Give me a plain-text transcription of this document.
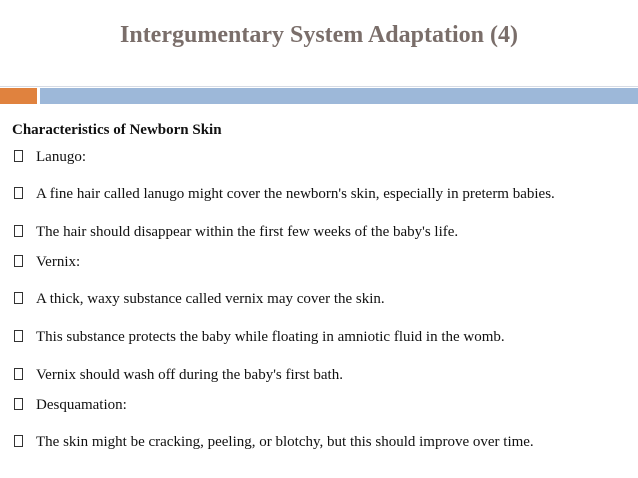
Intergumentary System Adaptation (4)
Characteristics of Newborn Skin
Lanugo:
A fine hair called lanugo might cover the newborn's skin, especially in preterm babies.
The hair should disappear within the first few weeks of the baby's life.
Vernix:
A thick, waxy substance called vernix may cover the skin.
This substance protects the baby while floating in amniotic fluid in the womb.
Vernix should wash off during the baby's first bath.
Desquamation:
The skin might be cracking, peeling, or blotchy, but this should improve over time.
